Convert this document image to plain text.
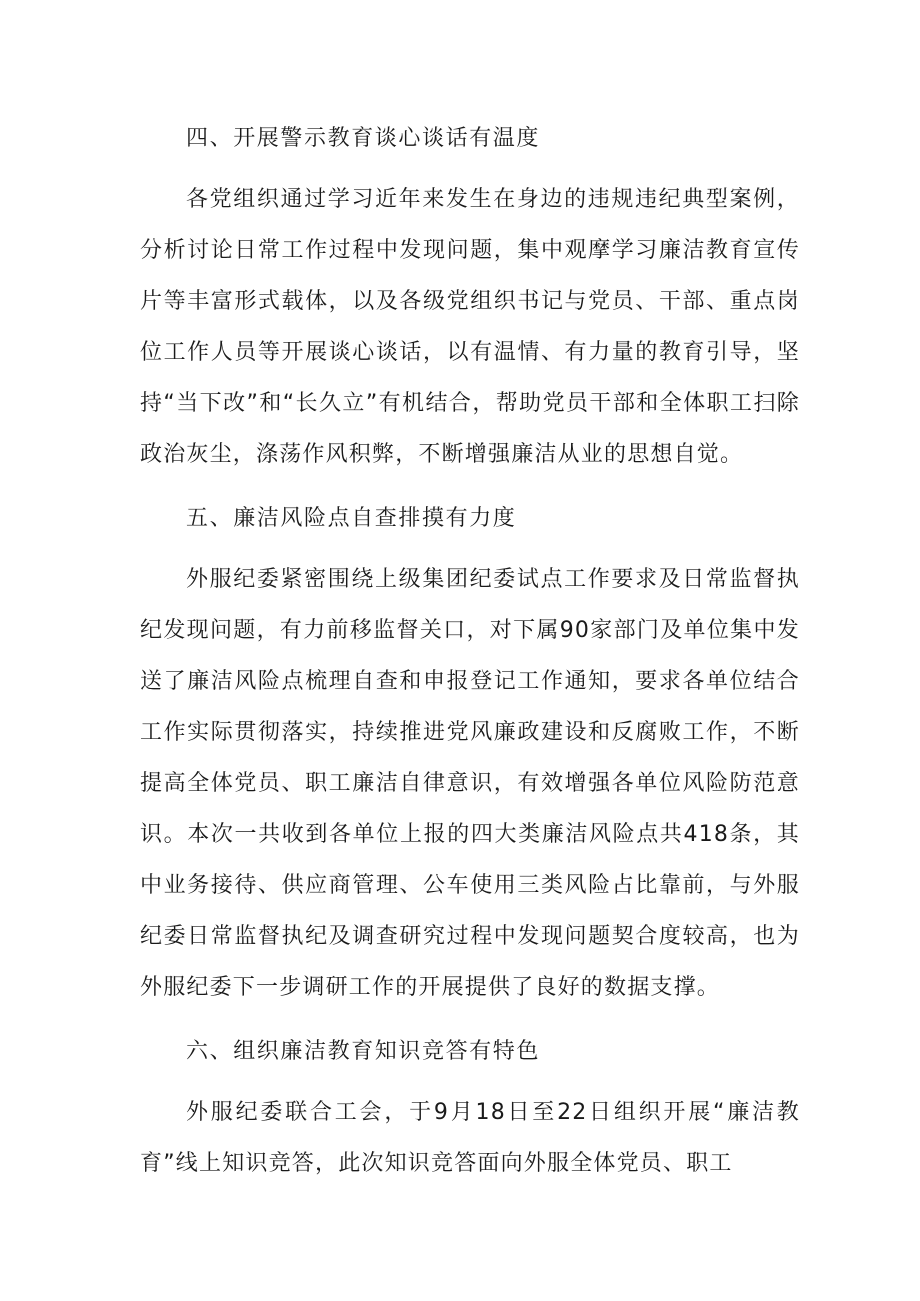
四、开展警示教育谈心谈话有温度

各党组织通过学习近年来发生在身边的违规违纪典型案例，分析讨论日常工作过程中发现问题，集中观摩学习廉洁教育宣传片等丰富形式载体，以及各级党组织书记与党员、干部、重点岗位工作人员等开展谈心谈话，以有温情、有力量的教育引导，坚持“当下改”和“长久立”有机结合，帮助党员干部和全体职工扫除政治灰尘，涤荡作风积弊，不断增强廉洁从业的思想自觉。

五、廉洁风险点自查排摸有力度

外服纪委紧密围绕上级集团纪委试点工作要求及日常监督执纪发现问题，有力前移监督关口，对下属90家部门及单位集中发送了廉洁风险点梳理自查和申报登记工作通知，要求各单位结合工作实际贯彻落实，持续推进党风廉政建设和反腐败工作，不断提高全体党员、职工廉洁自律意识，有效增强各单位风险防范意识。本次一共收到各单位上报的四大类廉洁风险点共418条，其中业务接待、供应商管理、公车使用三类风险占比靠前，与外服纪委日常监督执纪及调查研究过程中发现问题契合度较高，也为外服纪委下一步调研工作的开展提供了良好的数据支撑。

六、组织廉洁教育知识竞答有特色

外服纪委联合工会，于9月18日至22日组织开展“廉洁教育”线上知识竞答，此次知识竞答面向外服全体党员、职工
